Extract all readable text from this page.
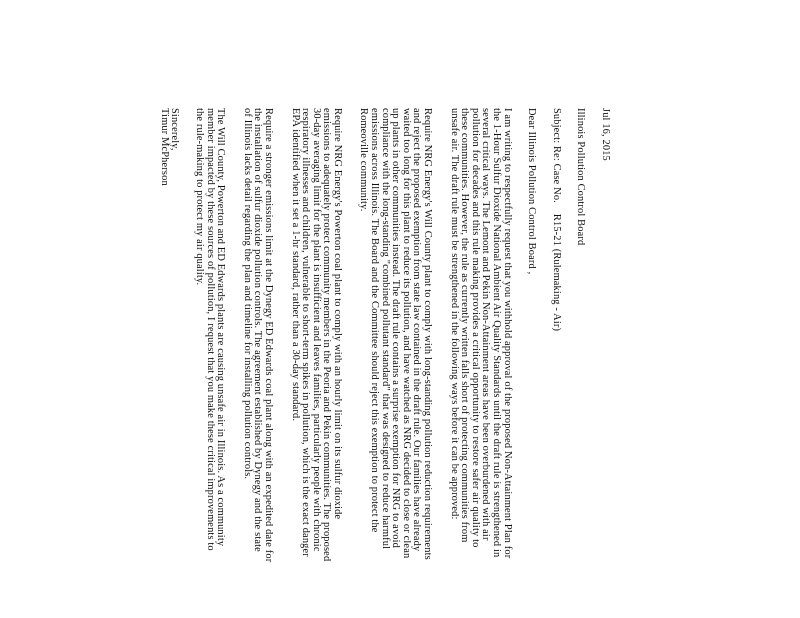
Jul 16, 2015

Illinois Pollution Control Board

Subject: Re: Case No.    R15-21 (Rulemaking - Air)

Dear Illinois Pollution Control Board ,

I am writing to respectfully request that you withhold approval of the proposed Non-Attainment Plan for the 1-Hour Sulfur Dioxide National Ambient Air Quality Standards until the draft rule is strengthened in several critical ways. The Lemont and Pekin Non-Attainment areas have been overburdened with air pollution for decades and this rule making provides a critical opportunity to restore safer air quality to these communities. However, the rule as currently written falls short of protecting communities from unsafe air. The draft rule must be strengthened in the following ways before it can be approved:

Require NRG Energy's Will County plant to comply with long-standing pollution reduction requirements and reject the proposed exemption from state law contained in the draft rule. Our families have already waited too long for this plant to reduce its pollution, and have watched as NRG decided to close or clean up plants in other communities instead. The draft rule contains a surprise exemption for NRG to avoid compliance with the long-standing "combined pollutant standard" that was designed to reduce harmful emissions across Illinois. The Board and the Committee should reject this exemption to protect the Romeoville community.

Require NRG Energy's Powerton coal plant to comply with an hourly limit on its sulfur dioxide emissions to adequately protect community members in the Peoria and Pekin communities. The proposed 30-day averaging limit for the plant is insufficient and leaves families, particularly people with chronic respiratory illnesses and children, vulnerable to short-term spikes in pollution, which is the exact danger EPA identified when it set a 1-hr standard, rather than a 30-day standard.

Require a stronger emissions limit at the Dynegy ED Edwards coal plant along with an expedited date for the installation of sulfur dioxide pollution controls. The agreement established by Dynegy and the state of Illinois lacks detail regarding the plan and timeline for installing pollution controls.

The Will County, Powerton and ED Edwards plants are causing unsafe air in Illinois. As a community member impacted by these sources of pollution, I request that you make these critical improvements to the rule-making to protect my air quality.

Sincerely,

Timur McPherson
